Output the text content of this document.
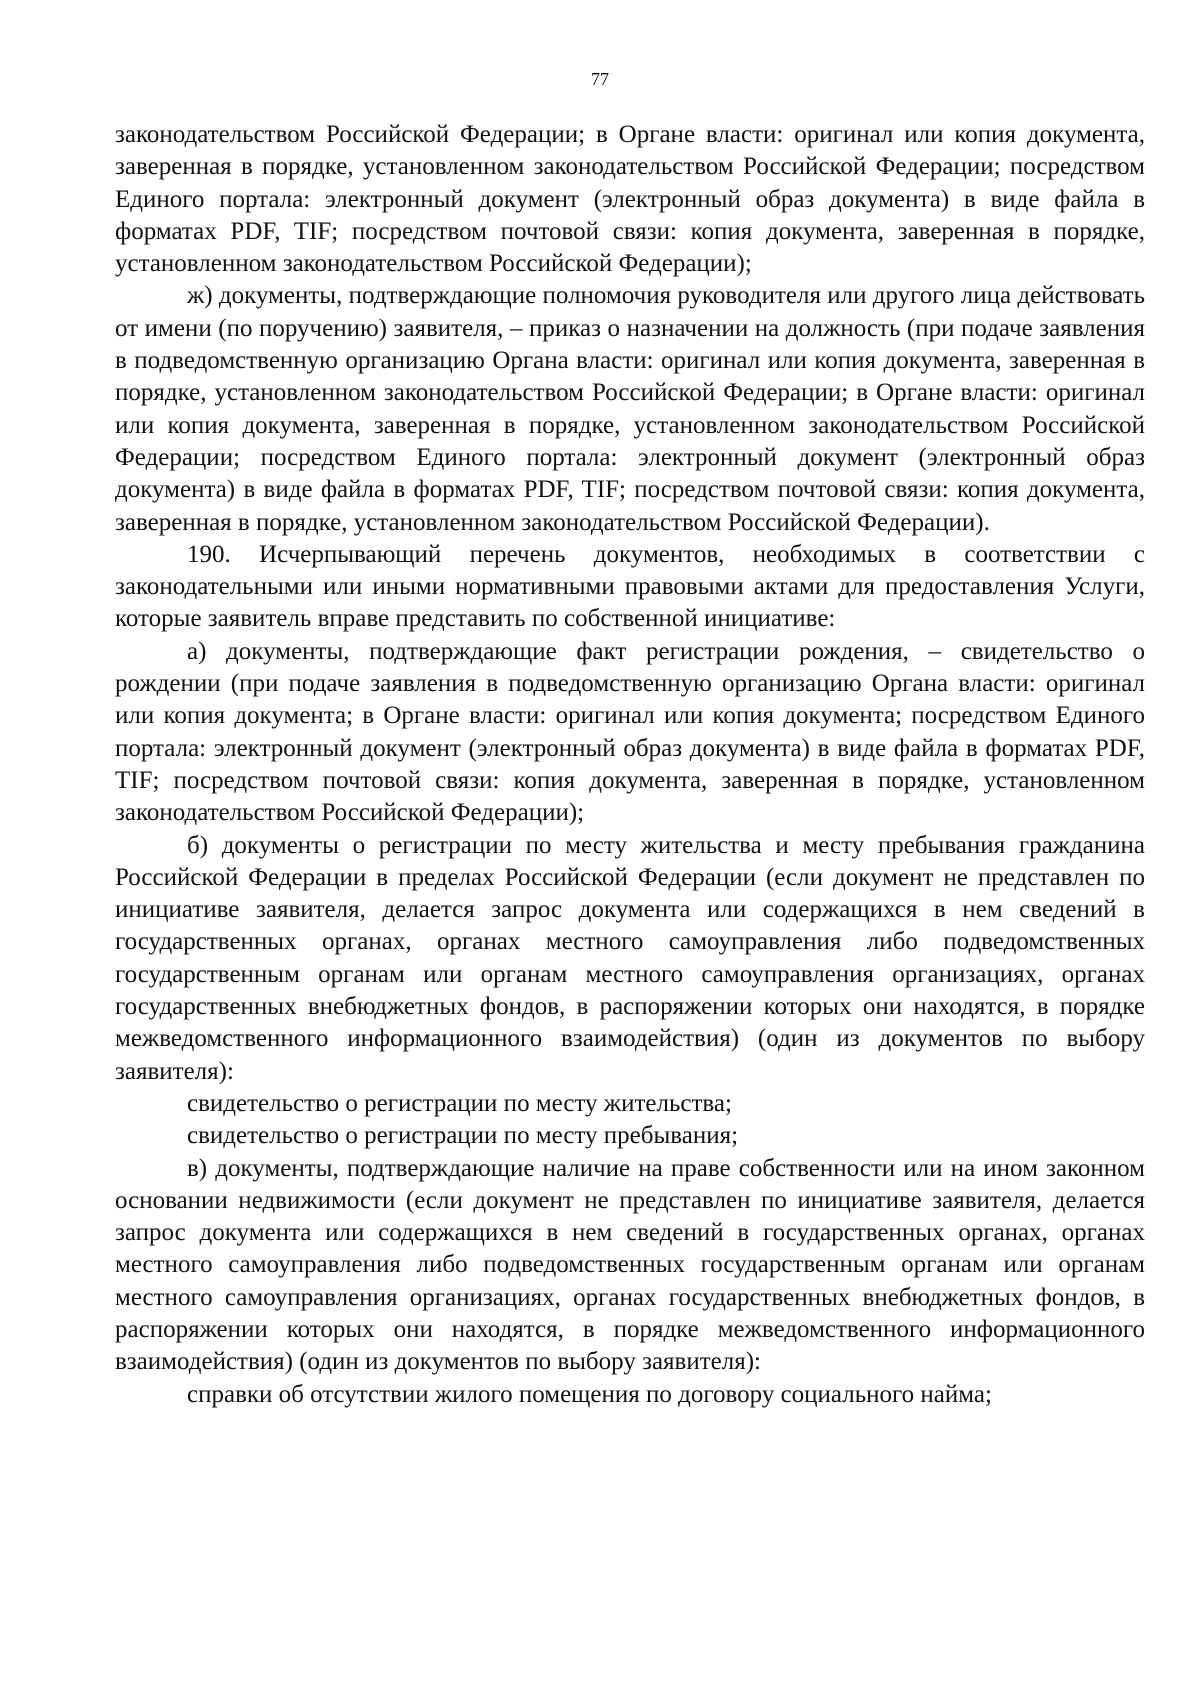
77

законодательством Российской Федерации; в Органе власти: оригинал или копия документа, заверенная в порядке, установленном законодательством Российской Федерации; посредством Единого портала: электронный документ (электронный образ документа) в виде файла в форматах PDF, TIF; посредством почтовой связи: копия документа, заверенная в порядке, установленном законодательством Российской Федерации);

ж) документы, подтверждающие полномочия руководителя или другого лица действовать от имени (по поручению) заявителя, – приказ о назначении на должность (при подаче заявления в подведомственную организацию Органа власти: оригинал или копия документа, заверенная в порядке, установленном законодательством Российской Федерации; в Органе власти: оригинал или копия документа, заверенная в порядке, установленном законодательством Российской Федерации; посредством Единого портала: электронный документ (электронный образ документа) в виде файла в форматах PDF, TIF; посредством почтовой связи: копия документа, заверенная в порядке, установленном законодательством Российской Федерации).

190. Исчерпывающий перечень документов, необходимых в соответствии с законодательными или иными нормативными правовыми актами для предоставления Услуги, которые заявитель вправе представить по собственной инициативе:

а) документы, подтверждающие факт регистрации рождения, – свидетельство о рождении (при подаче заявления в подведомственную организацию Органа власти: оригинал или копия документа; в Органе власти: оригинал или копия документа; посредством Единого портала: электронный документ (электронный образ документа) в виде файла в форматах PDF, TIF; посредством почтовой связи: копия документа, заверенная в порядке, установленном законодательством Российской Федерации);

б) документы о регистрации по месту жительства и месту пребывания гражданина Российской Федерации в пределах Российской Федерации (если документ не представлен по инициативе заявителя, делается запрос документа или содержащихся в нем сведений в государственных органах, органах местного самоуправления либо подведомственных государственным органам или органам местного самоуправления организациях, органах государственных внебюджетных фондов, в распоряжении которых они находятся, в порядке межведомственного информационного взаимодействия) (один из документов по выбору заявителя):

свидетельство о регистрации по месту жительства;

свидетельство о регистрации по месту пребывания;

в) документы, подтверждающие наличие на праве собственности или на ином законном основании недвижимости (если документ не представлен по инициативе заявителя, делается запрос документа или содержащихся в нем сведений в государственных органах, органах местного самоуправления либо подведомственных государственным органам или органам местного самоуправления организациях, органах государственных внебюджетных фондов, в распоряжении которых они находятся, в порядке межведомственного информационного взаимодействия) (один из документов по выбору заявителя):

справки об отсутствии жилого помещения по договору социального найма;
